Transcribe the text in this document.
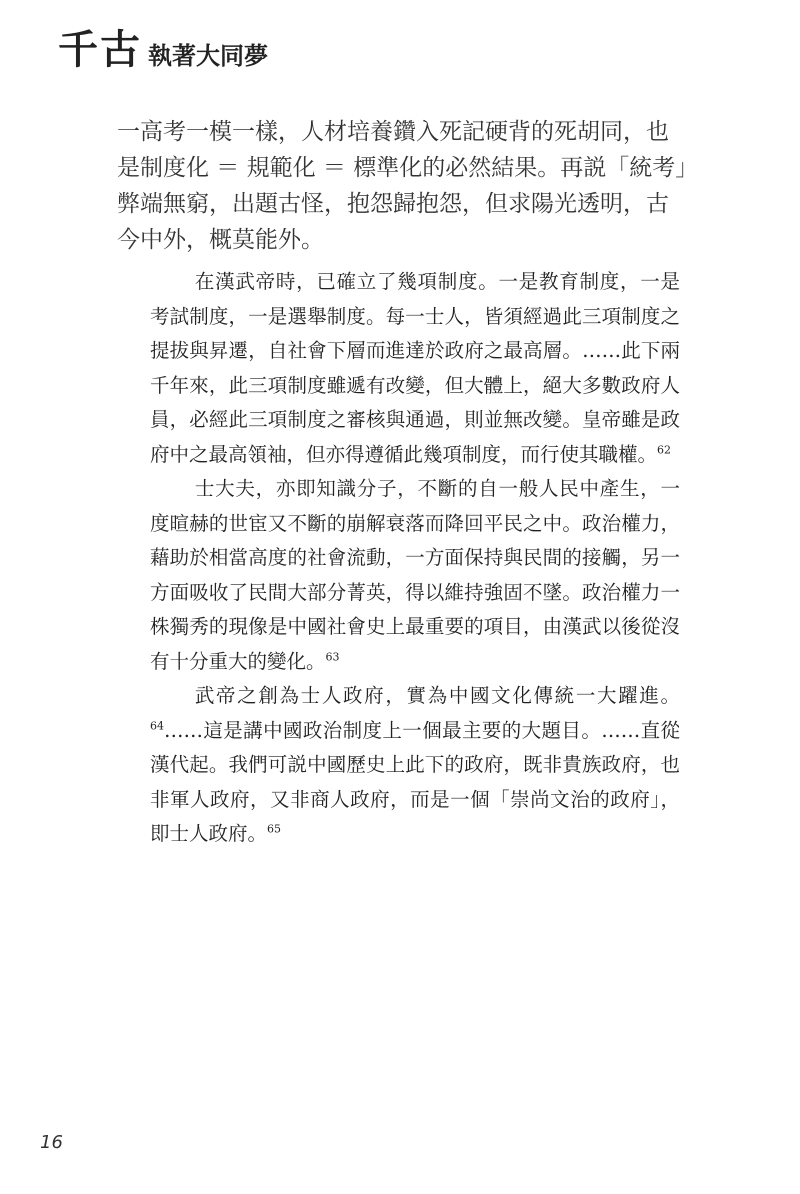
千古 執著大同夢

一高考一模一樣，人材培養鑽入死記硬背的死胡同，也是制度化 ＝ 規範化 ＝ 標準化的必然結果。再説「統考」弊端無窮，出題古怪，抱怨歸抱怨，但求陽光透明，古今中外，概莫能外。

在漢武帝時，已確立了幾項制度。一是教育制度，一是考試制度，一是選舉制度。每一士人，皆須經過此三項制度之提拔與昇遷，自社會下層而進達於政府之最高層。……此下兩千年來，此三項制度雖遞有改變，但大體上，絕大多數政府人員，必經此三項制度之審核與通過，則並無改變。皇帝雖是政府中之最高領袖，但亦得遵循此幾項制度，而行使其職權。$^{62}$

士大夫，亦即知識分子，不斷的自一般人民中產生，一度暄赫的世宦又不斷的崩解衰落而降回平民之中。政治權力，藉助於相當高度的社會流動，一方面保持與民間的接觸，另一方面吸收了民間大部分菁英，得以維持強固不墜。政治權力一株獨秀的現像是中國社會史上最重要的項目，由漢武以後從沒有十分重大的變化。$^{63}$

武帝之創為士人政府，實為中國文化傳統一大躍進。$^{64}$……這是講中國政治制度上一個最主要的大題目。……直從漢代起。我們可説中國歷史上此下的政府，既非貴族政府，也非軍人政府，又非商人政府，而是一個「崇尚文治的政府」，即士人政府。$^{65}$

16
